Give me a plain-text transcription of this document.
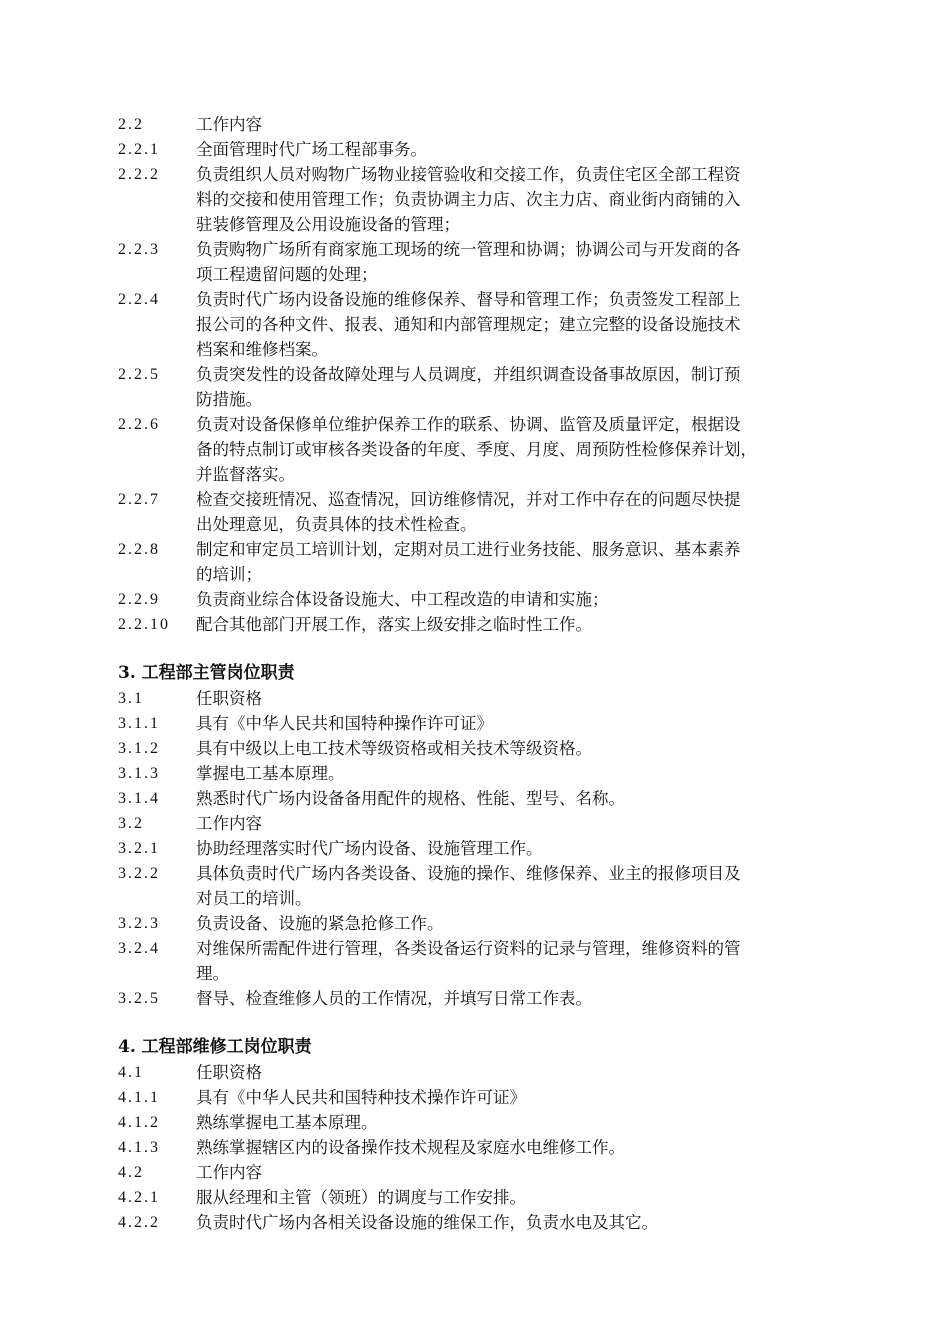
2.2	工作内容
2.2.1	全面管理时代广场工程部事务。
2.2.2	负责组织人员对购物广场物业接管验收和交接工作，负责住宅区全部工程资
料的交接和使用管理工作；负责协调主力店、次主力店、商业街内商铺的入
驻装修管理及公用设施设备的管理；
2.2.3	负责购物广场所有商家施工现场的统一管理和协调；协调公司与开发商的各
项工程遗留问题的处理；
2.2.4	负责时代广场内设备设施的维修保养、督导和管理工作；负责签发工程部上
报公司的各种文件、报表、通知和内部管理规定；建立完整的设备设施技术
档案和维修档案。
2.2.5	负责突发性的设备故障处理与人员调度，并组织调查设备事故原因，制订预
防措施。
2.2.6	负责对设备保修单位维护保养工作的联系、协调、监管及质量评定，根据设
备的特点制订或审核各类设备的年度、季度、月度、周预防性检修保养计划，
并监督落实。
2.2.7	检查交接班情况、巡查情况，回访维修情况，并对工作中存在的问题尽快提
出处理意见，负责具体的技术性检查。
2.2.8	制定和审定员工培训计划，定期对员工进行业务技能、服务意识、基本素养
的培训；
2.2.9	负责商业综合体设备设施大、中工程改造的申请和实施；
2.2.10	配合其他部门开展工作，落实上级安排之临时性工作。
3. 工程部主管岗位职责
3.1	任职资格
3.1.1	具有《中华人民共和国特种操作许可证》
3.1.2	具有中级以上电工技术等级资格或相关技术等级资格。
3.1.3	掌握电工基本原理。
3.1.4	熟悉时代广场内设备备用配件的规格、性能、型号、名称。
3.2	工作内容
3.2.1	协助经理落实时代广场内设备、设施管理工作。
3.2.2	具体负责时代广场内各类设备、设施的操作、维修保养、业主的报修项目及
对员工的培训。
3.2.3	负责设备、设施的紧急抢修工作。
3.2.4	对维保所需配件进行管理，各类设备运行资料的记录与管理，维修资料的管
理。
3.2.5	督导、检查维修人员的工作情况，并填写日常工作表。
4. 工程部维修工岗位职责
4.1	任职资格
4.1.1	具有《中华人民共和国特种技术操作许可证》
4.1.2	熟练掌握电工基本原理。
4.1.3	熟练掌握辖区内的设备操作技术规程及家庭水电维修工作。
4.2	工作内容
4.2.1	服从经理和主管（领班）的调度与工作安排。
4.2.2	负责时代广场内各相关设备设施的维保工作，负责水电及其它。
